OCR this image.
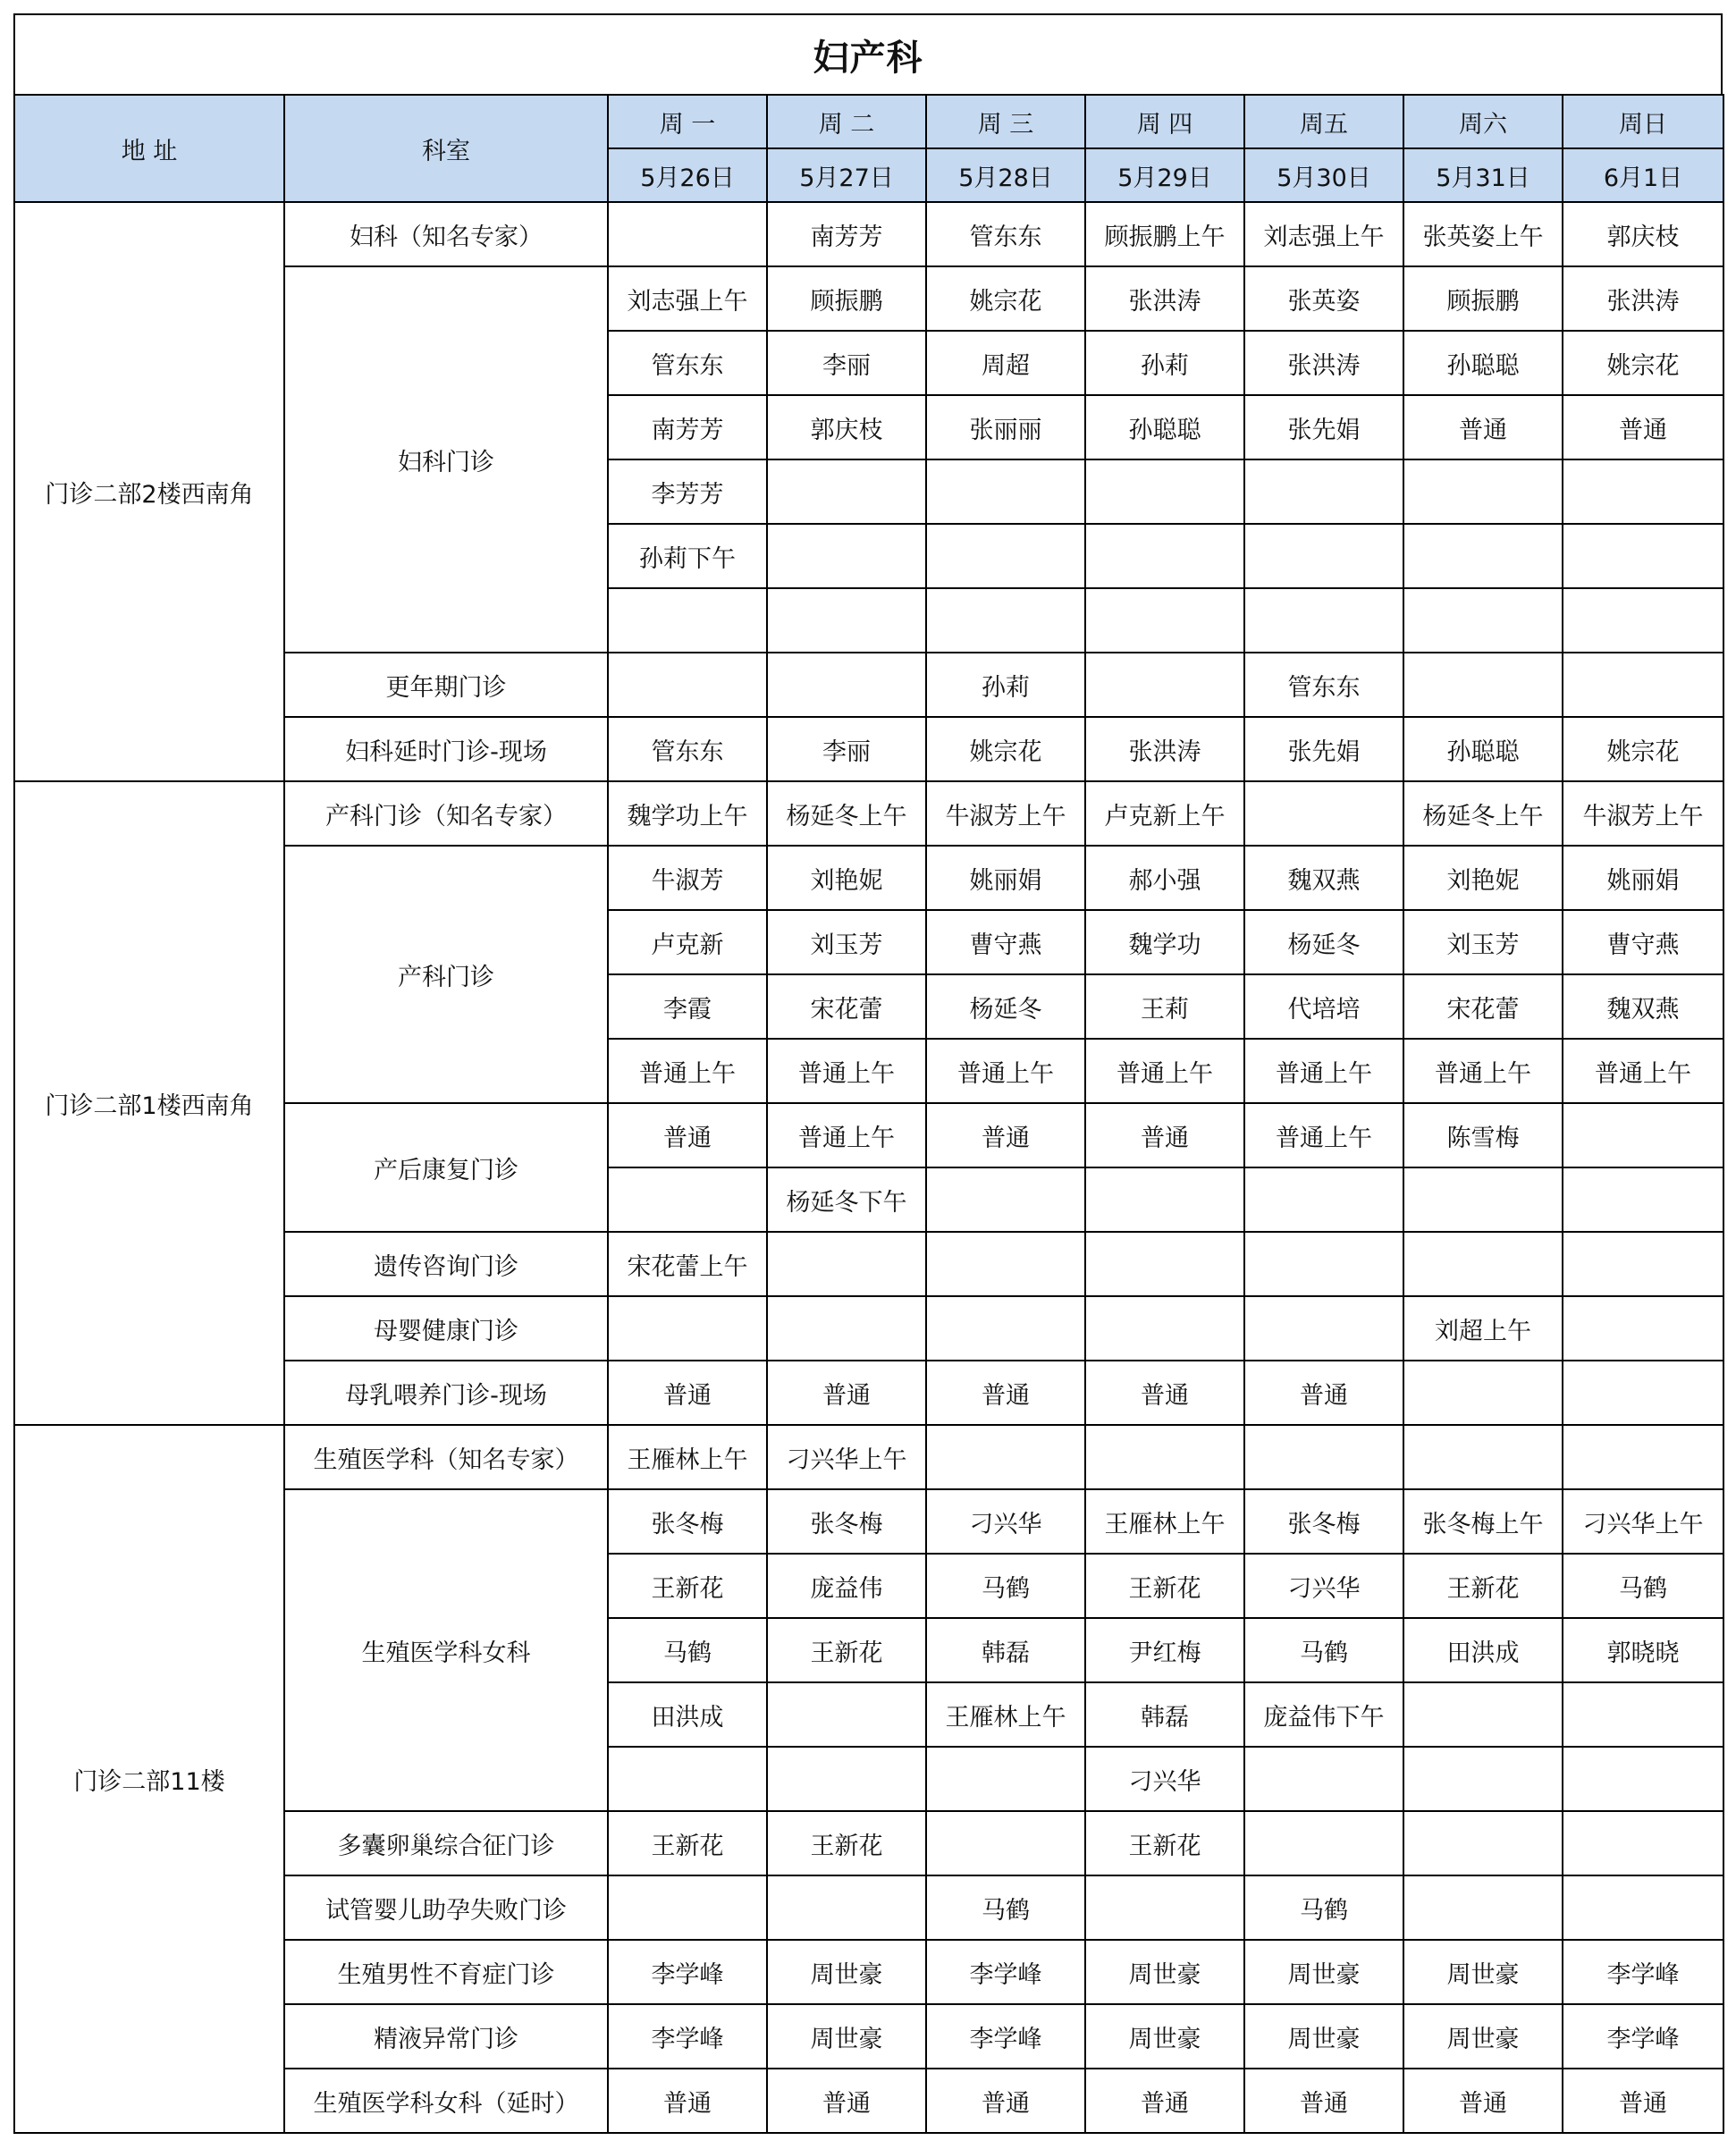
妇产科
地 址	科室	周 一	周 二	周 三	周 四	周五	周六	周日
		5月26日	5月27日	5月28日	5月29日	5月30日	5月31日	6月1日
门诊二部2楼西南角	妇科（知名专家）		南芳芳	管东东	顾振鹏上午	刘志强上午	张英姿上午	郭庆枝
	妇科门诊	刘志强上午	顾振鹏	姚宗花	张洪涛	张英姿	顾振鹏	张洪涛
		管东东	李丽	周超	孙莉	张洪涛	孙聪聪	姚宗花
		南芳芳	郭庆枝	张丽丽	孙聪聪	张先娟	普通	普通
		李芳芳						
		孙莉下午						

	更年期门诊			孙莉		管东东		
	妇科延时门诊-现场	管东东	李丽	姚宗花	张洪涛	张先娟	孙聪聪	姚宗花
门诊二部1楼西南角	产科门诊（知名专家）	魏学功上午	杨延冬上午	牛淑芳上午	卢克新上午		杨延冬上午	牛淑芳上午
	产科门诊	牛淑芳	刘艳妮	姚丽娟	郝小强	魏双燕	刘艳妮	姚丽娟
		卢克新	刘玉芳	曹守燕	魏学功	杨延冬	刘玉芳	曹守燕
		李霞	宋花蕾	杨延冬	王莉	代培培	宋花蕾	魏双燕
		普通上午	普通上午	普通上午	普通上午	普通上午	普通上午	普通上午
	产后康复门诊	普通	普通上午	普通	普通	普通上午	陈雪梅	
			杨延冬下午					
	遗传咨询门诊	宋花蕾上午						
	母婴健康门诊						刘超上午	
	母乳喂养门诊-现场	普通	普通	普通	普通	普通		
门诊二部11楼	生殖医学科（知名专家）	王雁林上午	刁兴华上午					
	生殖医学科女科	张冬梅	张冬梅	刁兴华	王雁林上午	张冬梅	张冬梅上午	刁兴华上午
		王新花	庞益伟	马鹤	王新花	刁兴华	王新花	马鹤
		马鹤	王新花	韩磊	尹红梅	马鹤	田洪成	郭晓晓
		田洪成		王雁林上午	韩磊	庞益伟下午		
					刁兴华			
	多囊卵巢综合征门诊	王新花	王新花		王新花			
	试管婴儿助孕失败门诊			马鹤		马鹤		
	生殖男性不育症门诊	李学峰	周世豪	李学峰	周世豪	周世豪	周世豪	李学峰
	精液异常门诊	李学峰	周世豪	李学峰	周世豪	周世豪	周世豪	李学峰
	生殖医学科女科（延时）	普通	普通	普通	普通	普通	普通	普通
